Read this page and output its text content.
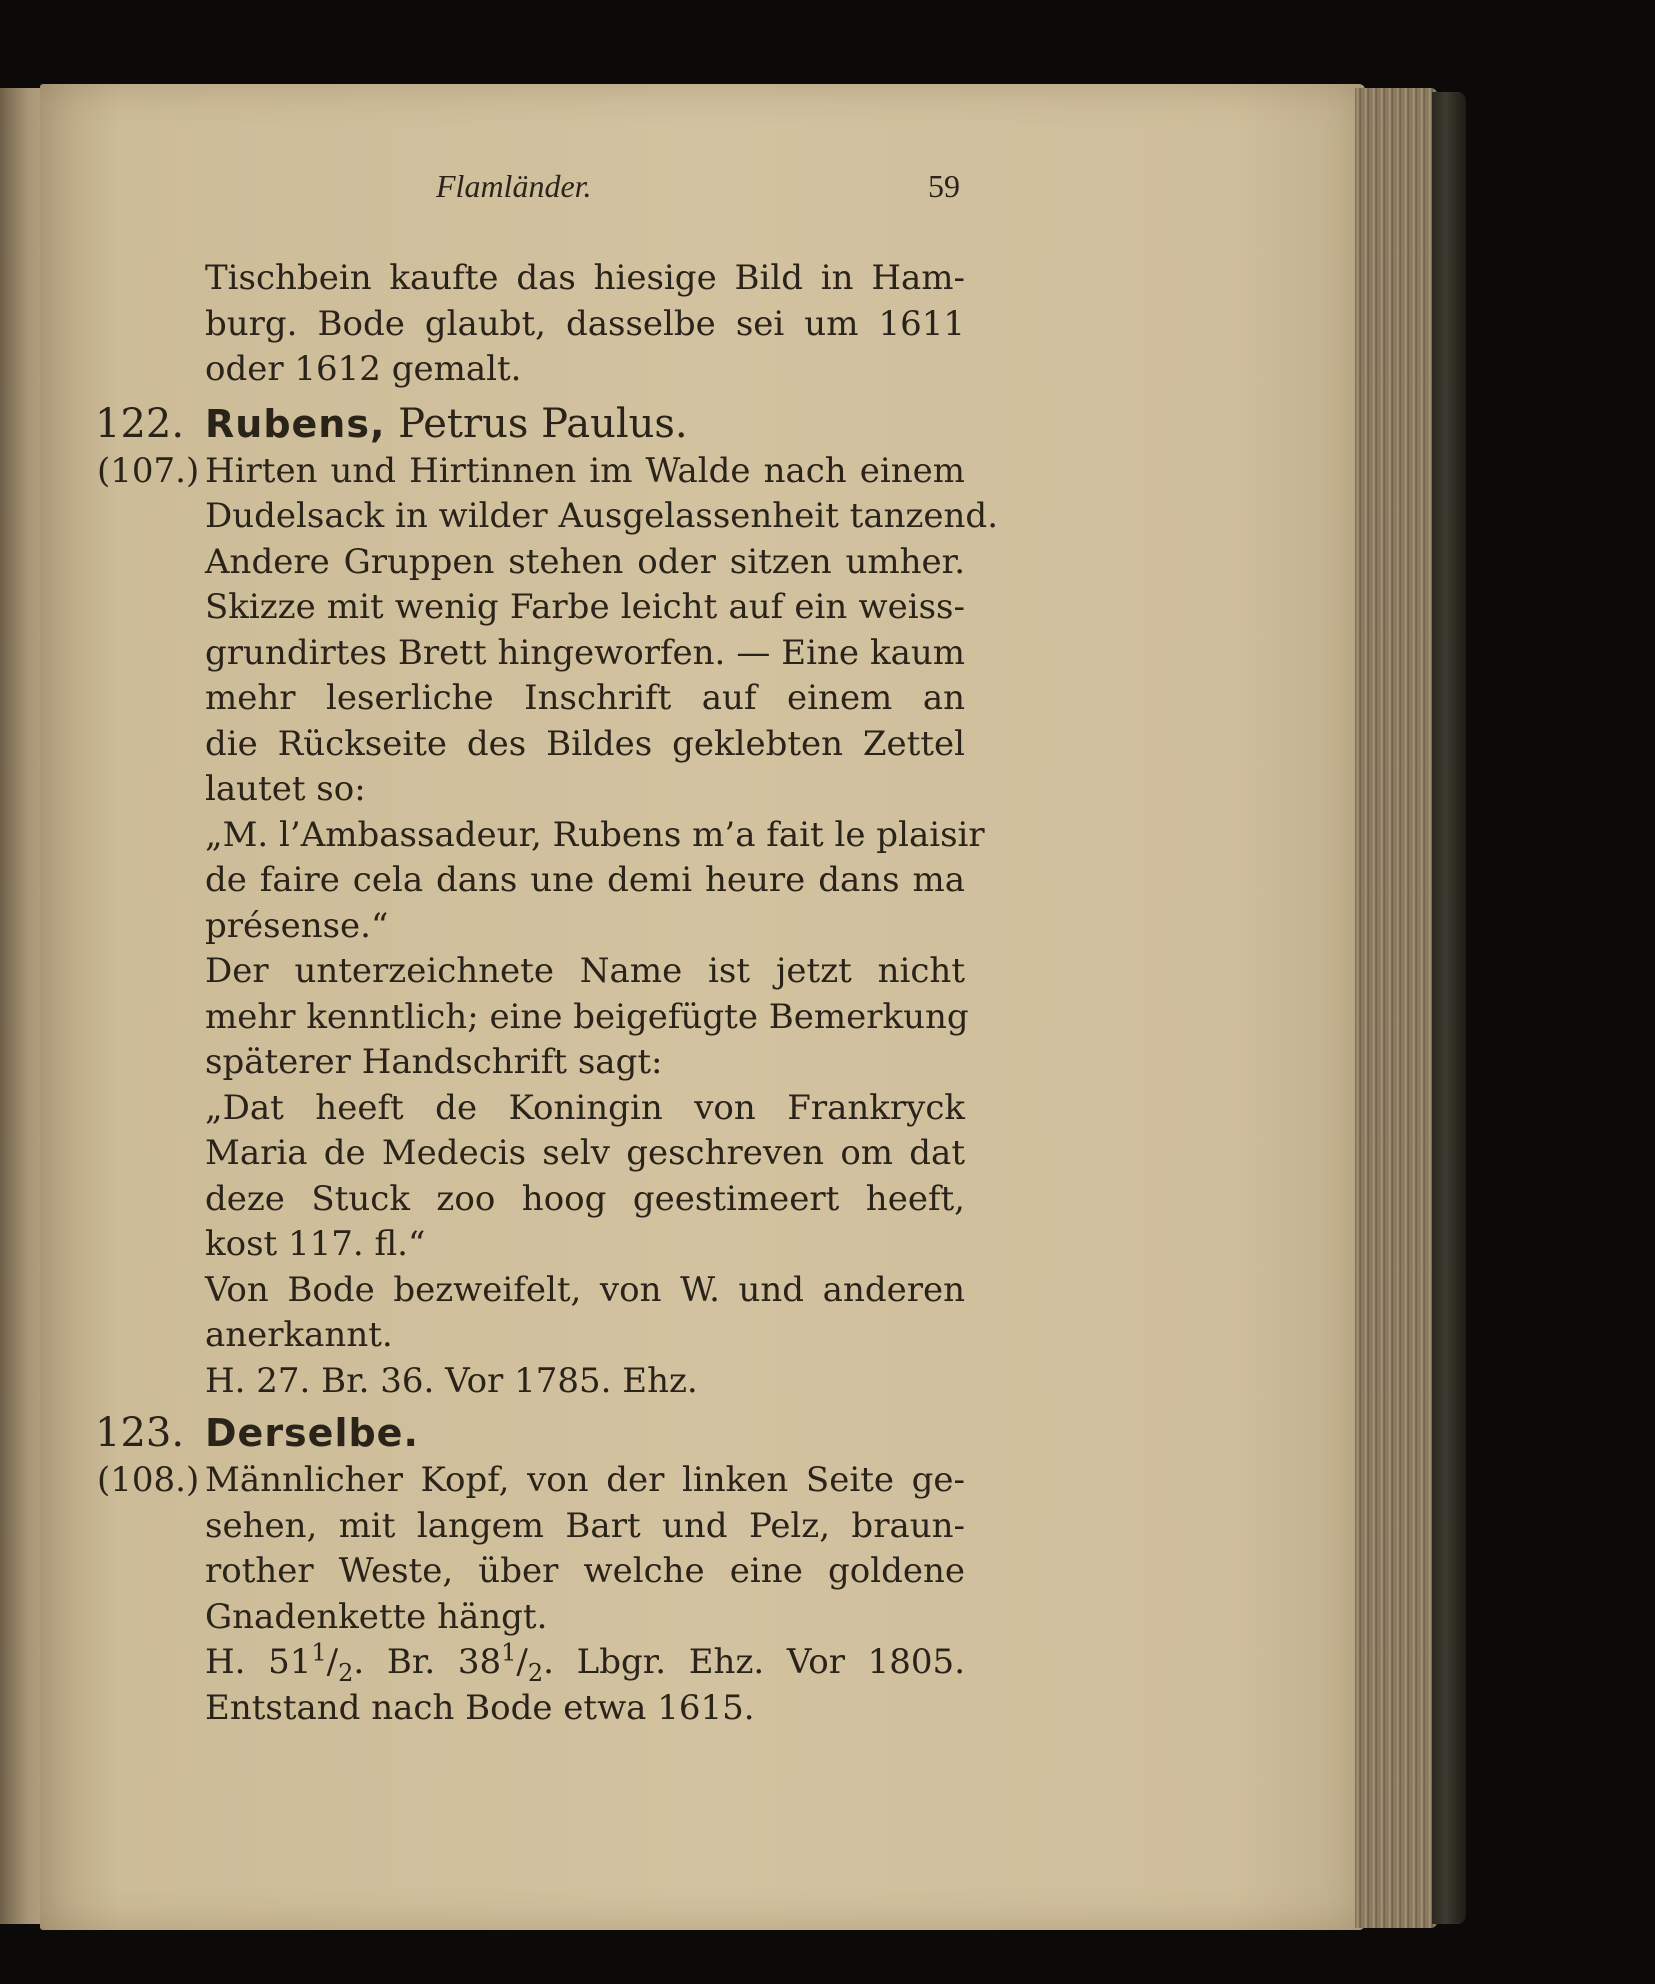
Flamländer.	59
Tischbein kaufte das hiesige Bild in Ham-
burg. Bode glaubt, dasselbe sei um 1611
oder 1612 gemalt.
122. Rubens, Petrus Paulus.
(107.) Hirten und Hirtinnen im Walde nach einem
Dudelsack in wilder Ausgelassenheit tanzend.
Andere Gruppen stehen oder sitzen umher.
Skizze mit wenig Farbe leicht auf ein weiss-
grundirtes Brett hingeworfen. — Eine kaum
mehr leserliche Inschrift auf einem an
die Rückseite des Bildes geklebten Zettel
lautet so:
„M. l’Ambassadeur, Rubens m’a fait le plaisir
de faire cela dans une demi heure dans ma
présense.“
Der unterzeichnete Name ist jetzt nicht
mehr kenntlich; eine beigefügte Bemerkung
späterer Handschrift sagt:
„Dat heeft de Koningin von Frankryck
Maria de Medecis selv geschreven om dat
deze Stuck zoo hoog geestimeert heeft,
kost 117. fl.“
Von Bode bezweifelt, von W. und anderen
anerkannt.
H. 27. Br. 36. Vor 1785. Ehz.
123. Derselbe.
(108.) Männlicher Kopf, von der linken Seite ge-
sehen, mit langem Bart und Pelz, braun-
rother Weste, über welche eine goldene
Gnadenkette hängt.
H. $51^1/_2$. Br. $38^1/_2$. Lbgr. Ehz. Vor 1805.
Entstand nach Bode etwa 1615.
